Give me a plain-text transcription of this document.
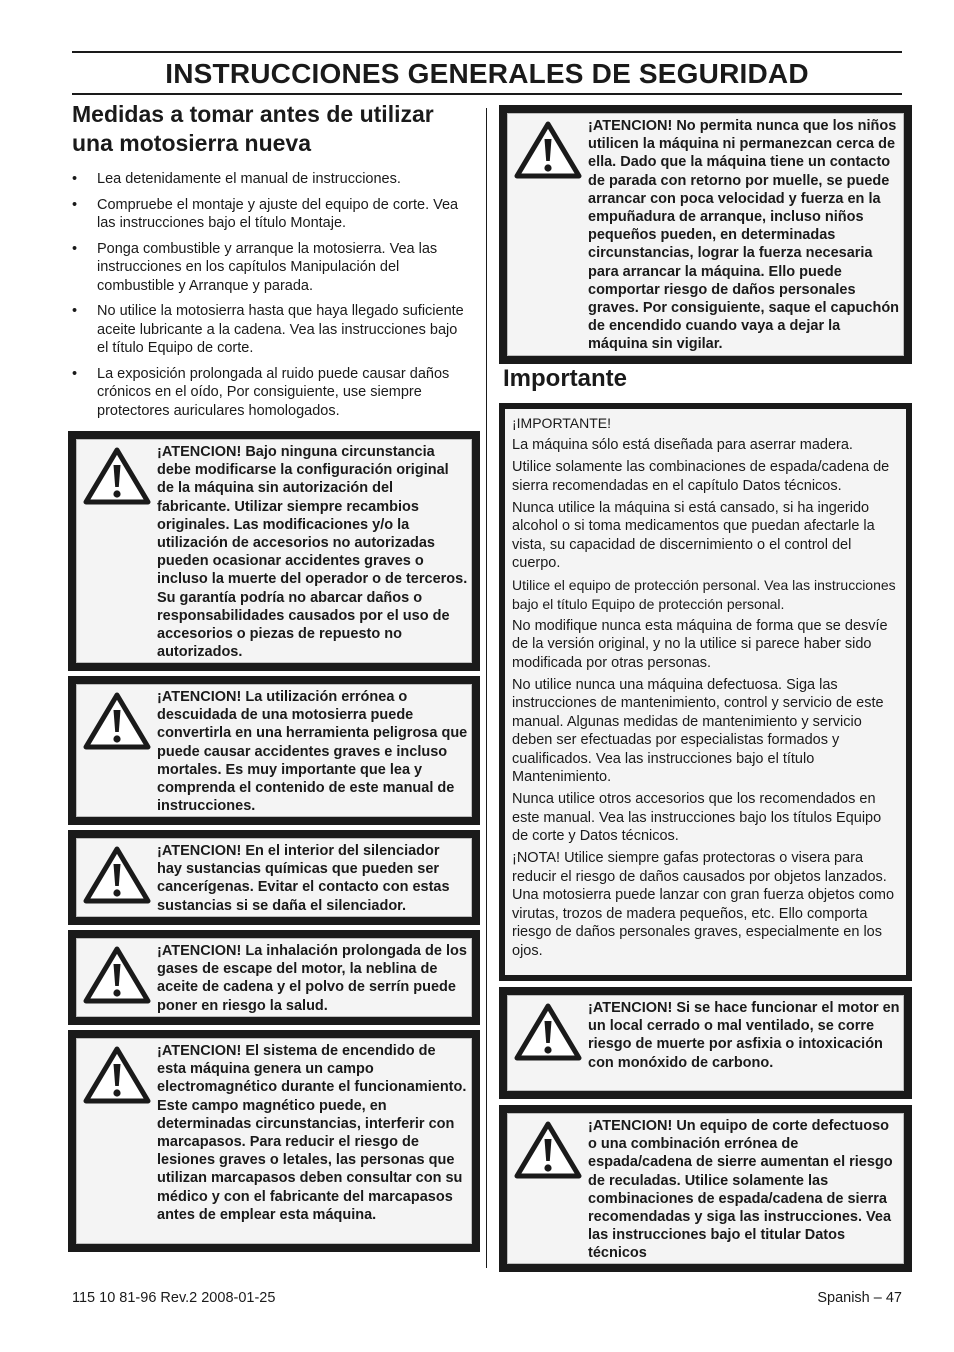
INSTRUCCIONES GENERALES DE SEGURIDAD
Medidas a tomar antes de utilizar
una motosierra nueva
• Lea detenidamente el manual de instrucciones.
• Compruebe el montaje y ajuste del equipo de corte. Vea las instrucciones bajo el título Montaje.
• Ponga combustible y arranque la motosierra. Vea las instrucciones en los capítulos Manipulación del combustible y Arranque y parada.
• No utilice la motosierra hasta que haya llegado suficiente aceite lubricante a la cadena. Vea las instrucciones bajo el título Equipo de corte.
• La exposición prolongada al ruido puede causar daños crónicos en el oído, Por consiguiente, use siempre protectores auriculares homologados.
¡ATENCION! Bajo ninguna circunstancia debe modificarse la configuración original de la máquina sin autorización del fabricante. Utilizar siempre recambios originales. Las modificaciones y/o la utilización de accesorios no autorizadas pueden ocasionar accidentes graves o incluso la muerte del operador o de terceros. Su garantía podría no abarcar daños o responsabilidades causados por el uso de accesorios o piezas de repuesto no autorizados.
¡ATENCION! La utilización errónea o descuidada de una motosierra puede convertirla en una herramienta peligrosa que puede causar accidentes graves e incluso mortales. Es muy importante que lea y comprenda el contenido de este manual de instrucciones.
¡ATENCION! En el interior del silenciador hay sustancias químicas que pueden ser cancerígenas. Evitar el contacto con estas sustancias si se daña el silenciador.
¡ATENCION! La inhalación prolongada de los gases de escape del motor, la neblina de aceite de cadena y el polvo de serrín puede poner en riesgo la salud.
¡ATENCION! El sistema de encendido de esta máquina genera un campo electromagnético durante el funcionamiento. Este campo magnético puede, en determinadas circunstancias, interferir con marcapasos. Para reducir el riesgo de lesiones graves o letales, las personas que utilizan marcapasos deben consultar con su médico y con el fabricante del marcapasos antes de emplear esta máquina.
¡ATENCION! No permita nunca que los niños utilicen la máquina ni permanezcan cerca de ella. Dado que la máquina tiene un contacto de parada con retorno por muelle, se puede arrancar con poca velocidad y fuerza en la empuñadura de arranque, incluso niños pequeños pueden, en determinadas circunstancias, lograr la fuerza necesaria para arrancar la máquina. Ello puede comportar riesgo de daños personales graves. Por consiguiente, saque el capuchón de encendido cuando vaya a dejar la máquina sin vigilar.
Importante

¡IMPORTANTE!

La máquina sólo está diseñada para aserrar madera.

Utilice solamente las combinaciones de espada/cadena de sierra recomendadas en el capítulo Datos técnicos.

Nunca utilice la máquina si está cansado, si ha ingerido alcohol o si toma medicamentos que puedan afectarle la vista, su capacidad de discernimiento o el control del cuerpo.

Utilice el equipo de protección personal. Vea las instrucciones bajo el título Equipo de protección personal.

No modifique nunca esta máquina de forma que se desvíe de la versión original, y no la utilice si parece haber sido modificada por otras personas.

No utilice nunca una máquina defectuosa. Siga las instrucciones de mantenimiento, control y servicio de este manual. Algunas medidas de mantenimiento y servicio deben ser efectuadas por especialistas formados y cualificados. Vea las instrucciones bajo el título Mantenimiento.

Nunca utilice otros accesorios que los recomendados en este manual. Vea las instrucciones bajo los títulos Equipo de corte y Datos técnicos.

¡NOTA! Utilice siempre gafas protectoras o visera para reducir el riesgo de daños causados por objetos lanzados. Una motosierra puede lanzar con gran fuerza objetos como virutas, trozos de madera pequeños, etc. Ello comporta riesgo de daños personales graves, especialmente en los ojos.

¡ATENCION! Si se hace funcionar el motor en un local cerrado o mal ventilado, se corre riesgo de muerte por asfixia o intoxicación con monóxido de carbono.
¡ATENCION! Un equipo de corte defectuoso o una combinación errónea de espada/cadena de sierre aumentan el riesgo de reculadas. Utilice solamente las combinaciones de espada/cadena de sierra recomendadas y siga las instrucciones. Vea las instrucciones bajo el titular Datos técnicos
115 10 81-96 Rev.2 2008-01-25	Spanish – 47
